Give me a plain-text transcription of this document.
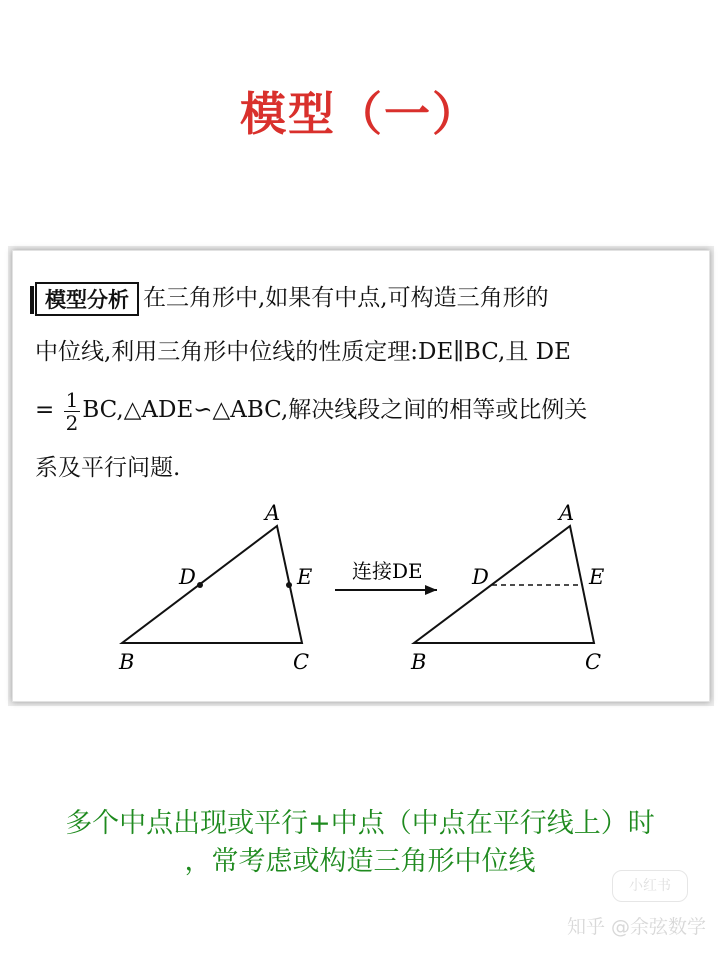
模型（一）
模型分析 在三角形中,如果有中点,可构造三角形的
中位线,利用三角形中位线的性质定理:DE∥BC,且 DE
= $\frac{1}{2}$ BC,△ADE∽△ABC,解决线段之间的相等或比例关
系及平行问题.
A
B	C
D	E 连接DE
A
B	C
D	E
多个中点出现或平行+中点（中点在平行线上）时
，常考虑或构造三角形中位线
小红书
知乎 @余弦数学
